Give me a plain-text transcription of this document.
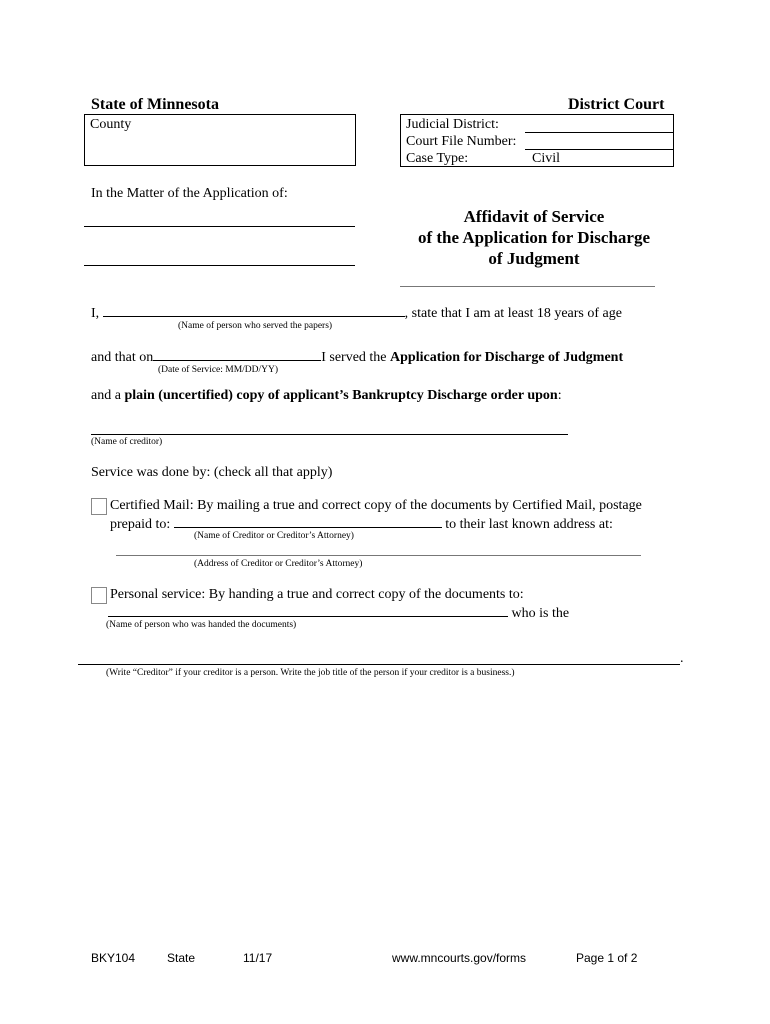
State of Minnesota	District Court
County	Judicial District:
Court File Number:
Case Type:	Civil
In the Matter of the Application of:
Affidavit of Service
of the Application for Discharge
of Judgment
I,	, state that I am at least 18 years of age
(Name of person who served the papers)
and that on	I served the Application for Discharge of Judgment
(Date of Service: MM/DD/YY)
and a plain (uncertified) copy of applicant’s Bankruptcy Discharge order upon:
(Name of creditor)
Service was done by: (check all that apply)
Certified Mail: By mailing a true and correct copy of the documents by Certified Mail, postage
prepaid to:	to their last known address at:
(Name of Creditor or Creditor’s Attorney)
(Address of Creditor or Creditor’s Attorney)
Personal service: By handing a true and correct copy of the documents to:
who is the
(Name of person who was handed the documents)
.
(Write “Creditor” if your creditor is a person. Write the job title of the person if your creditor is a business.)
BKY104	State	11/17	www.mncourts.gov/forms	Page 1 of 2
